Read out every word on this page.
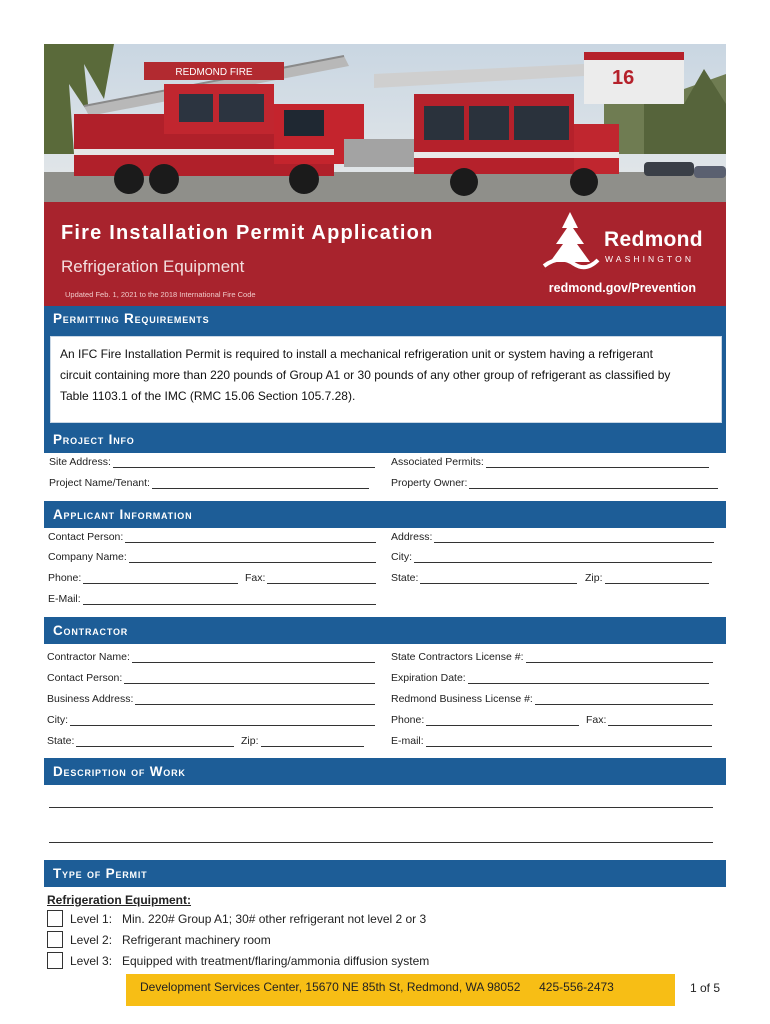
REDMOND FIRE	16
Fire Installation Permit Application
Refrigeration Equipment
Updated Feb. 1, 2021 to the 2018 International Fire Code
Redmond
WASHINGTON
redmond.gov/Prevention
Permitting Requirements
An IFC Fire Installation Permit is required to install a mechanical refrigeration unit or system having a refrigerant
circuit containing more than 220 pounds of Group A1 or 30 pounds of any other group of refrigerant as classified by
Table 1103.1 of the IMC (RMC 15.06 Section 105.7.28).
Project Info
Site Address:	Associated Permits:
Project Name/Tenant:	Property Owner:
Applicant Information
Contact Person:	Address:
Company Name:	City:
Phone:	Fax:	State:	Zip:
E-Mail:
Contractor
Contractor Name:	State Contractors License #:
Contact Person:	Expiration Date:
Business Address:	Redmond Business License #:
City:	Phone:	Fax:
State:	Zip:	E-mail:
Description of Work
Type of Permit
Refrigeration Equipment:
Level 1: Min. 220# Group A1; 30# other refrigerant not level 2 or 3
Level 2: Refrigerant machinery room
Level 3: Equipped with treatment/flaring/ammonia diffusion system
Development Services Center, 15670 NE 85th St, Redmond, WA 98052 425-556-2473	1 of 5
